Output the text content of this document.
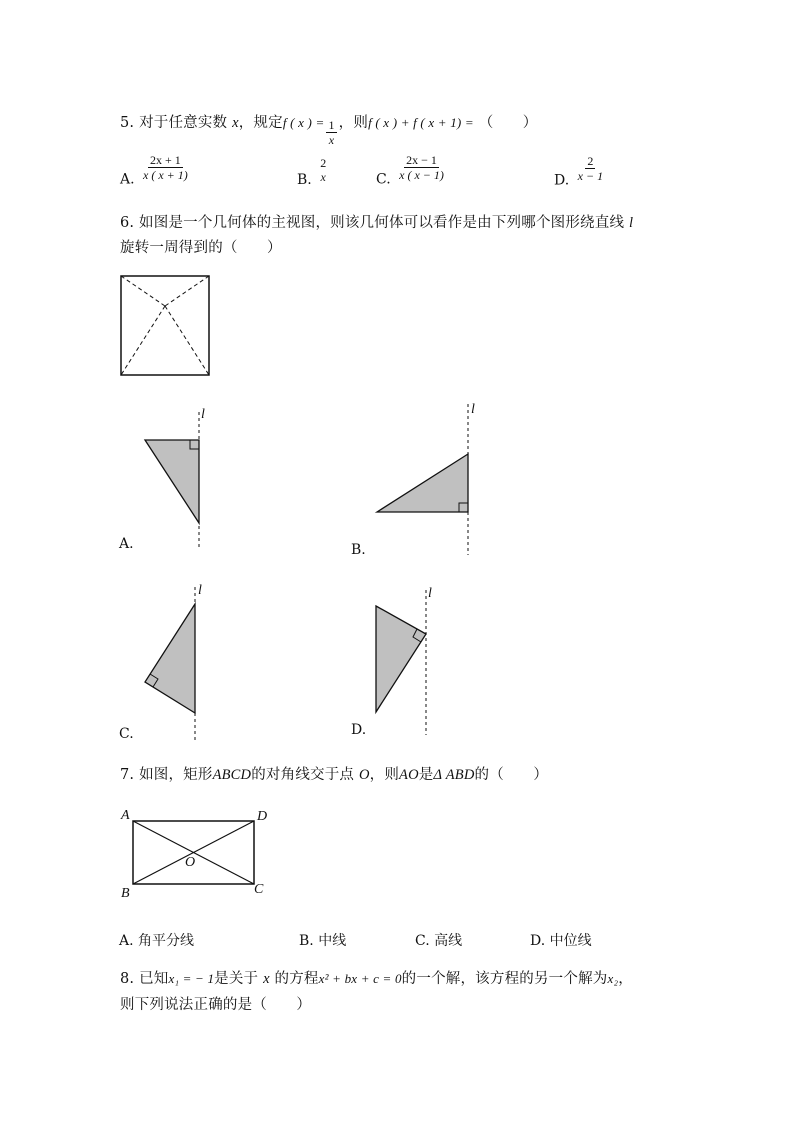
5. 对于任意实数 x，规定f ( x ) = $\frac{1}{x}$ ，则f ( x ) + f ( x + 1) = （　　）
A. $\frac{2x + 1}{x ( x + 1)}$	B.
2
x	C. $\frac{2x - 1}{x ( x - 1)}$	D. $\frac{2}{x - 1}$
6. 如图是一个几何体的主视图，则该几何体可以看作是由下列哪个图形绕直线 l
旋转一周得到的（　　）
l
A.
l
B.
l
C.
l
D.
7. 如图，矩形ABCD的对角线交于点 O，则AO是Δ ABD的（　　）
A	D
B	C
O
A. 角平分线	B. 中线	C. 高线	D. 中位线
8. 已知x₁ = − 1是关于 x 的方程x² + bx + c = 0的一个解，该方程的另一个解为x₂，
则下列说法正确的是（　　）
